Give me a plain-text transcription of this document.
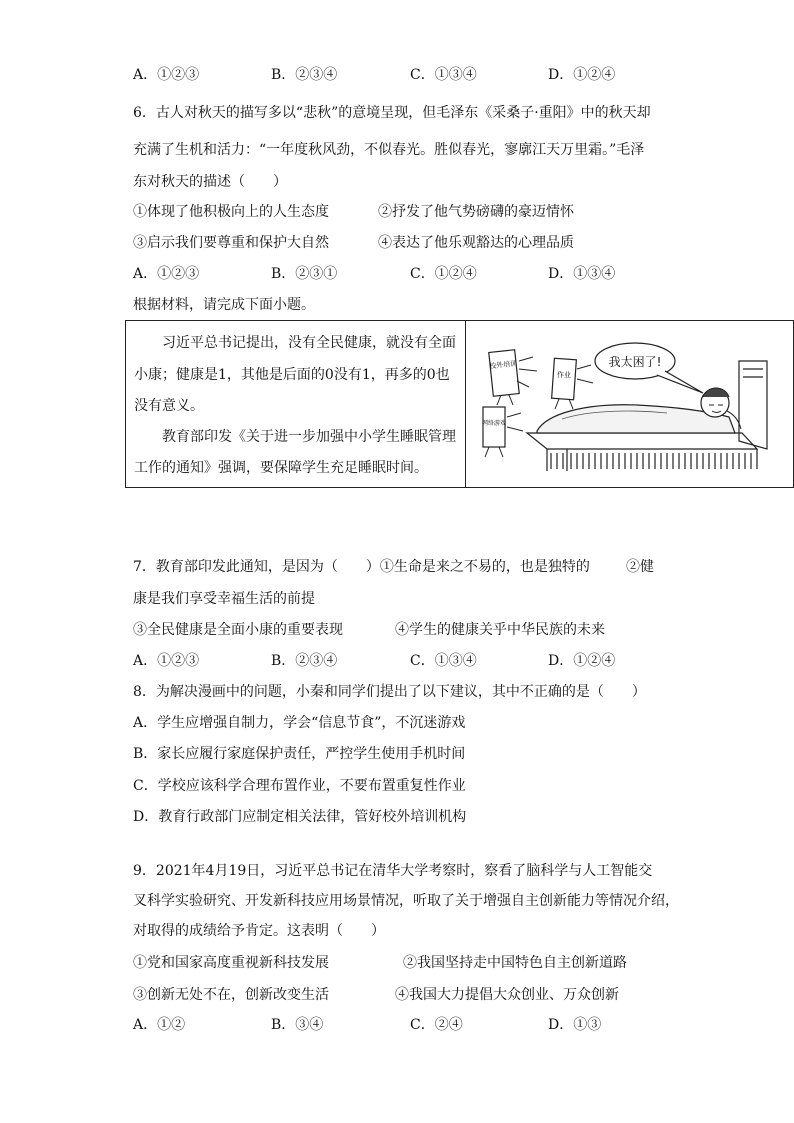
A．①②③	B．②③④	C．①③④	D．①②④
6．古人对秋天的描写多以“悲秋”的意境呈现，但毛泽东《采桑子·重阳》中的秋天却
充满了生机和活力：“一年度秋风劲，不似春光。胜似春光，寥廓江天万里霜。”毛泽
东对秋天的描述（　　）
①体现了他积极向上的人生态度	②抒发了他气势磅礴的豪迈情怀
③启示我们要尊重和保护大自然	④表达了他乐观豁达的心理品质
A．①②③	B．②③①	C．①②④	D．①③④
根据材料，请完成下面小题。
习近平总书记提出，没有全民健康，就没有全面
小康；健康是1，其他是后面的0没有1，再多的0也
没有意义。
教育部印发《关于进一步加强中小学生睡眠管理
工作的通知》强调，要保障学生充足睡眠时间。
我太困了!
校外培训
作业
网络游戏
7．教育部印发此通知，是因为（　　）①生命是来之不易的，也是独特的	②健
康是我们享受幸福生活的前提
③全民健康是全面小康的重要表现	④学生的健康关乎中华民族的未来
A．①②③	B．②③④	C．①③④	D．①②④
8．为解决漫画中的问题，小秦和同学们提出了以下建议，其中不正确的是（　　）
A．学生应增强自制力，学会“信息节食”，不沉迷游戏
B．家长应履行家庭保护责任，严控学生使用手机时间
C．学校应该科学合理布置作业，不要布置重复性作业
D．教育行政部门应制定相关法律，管好校外培训机构
9．2021年4月19日，习近平总书记在清华大学考察时，察看了脑科学与人工智能交
叉科学实验研究、开发新科技应用场景情况，听取了关于增强自主创新能力等情况介绍，
对取得的成绩给予肯定。这表明（　　）
①党和国家高度重视新科技发展	②我国坚持走中国特色自主创新道路
③创新无处不在，创新改变生活	④我国大力提倡大众创业、万众创新
A．①②	B．③④	C．②④	D．①③
